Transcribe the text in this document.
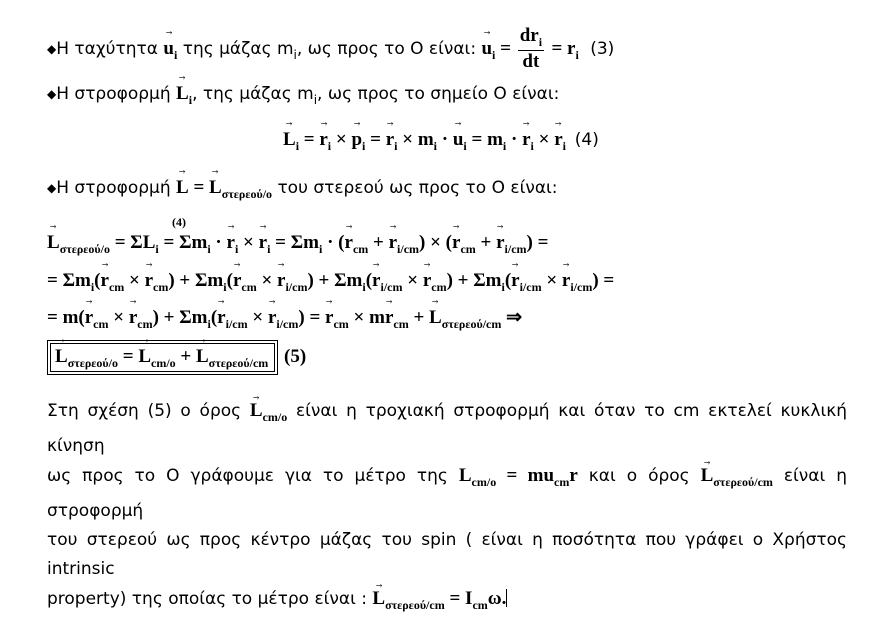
◆Η $\tau\alpha\chi ύ\tau\eta\tau\alpha \to u_i$ της μάζας $m_i$, ως προς το Ο είναι: → $u_i = \frac{dr_i}{dt} = r_i$ (3)
◆Η $\sigma\tau\rho o\varphi o\rho\mu ή \to L_i$, της μάζας $m_i$, ως προς το σημείο Ο είναι:
→ $L_i$ = → $r_i$ × → $p_i$ = → $r_i \times m_i$ · → $u_i = m_i$ · → $r_i$ × → $r_i$ (4)
◆Η στροφορμή → L = → $L_{\sigma\tau\varepsilon\rho\varepsilon oύ/o}$ του στερεού ως προς το Ο είναι:
→ $L_{\sigma\tau\varepsilon\rho\varepsilon oύ/o} = \Sigma L_i$
(4)
= $\Sigma m_i$ · → $r_i$ × → $r_i = \Sigma m_i$ · (→ $r_{cm}$ + → $r_{i/cm}$) × (→ $r_{cm}$ + → $r_{i/cm}$) =
= $\Sigma m_i(\to r_{cm}$ × → $r_{cm}) + \Sigma m_i(\to r_{cm}$ × → $r_{i/cm}) + \Sigma m_i(\to r_{i/cm}$ × → $r_{cm}) + \Sigma m_i(\to r_{i/cm}$ × → $r_{i/cm}$) =
= $m(\to r_{cm}$ × → $r_{cm}) + \Sigma m_i(\to r_{i/cm}$ × → $r_{i/cm}$) = → $r_{cm} \times m\to r_{cm}$ + → $L_{\sigma\tau\varepsilon\rho\varepsilon oύ/cm}$ ⇒
→ $L_{\sigma\tau\varepsilon\rho\varepsilon oύ/o}$ = → $L_{cm/o}$ + → $L_{\sigma\tau\varepsilon\rho\varepsilon oύ/cm}$ (5)
Στη σχέση (5) ο $ό\rho o\varsigma \to L_{cm/o}$ είναι η τροχιακή στροφορμή και όταν το cm εκτελεί κυκλική κίνηση
ως προς το Ο γράφουμε για το μέτρο της $L_{cm/o} = mu_{cm}r$ και ο $ό\rho o\varsigma \to L_{\sigma\tau\varepsilon\rho\varepsilon oύ/cm}$ είναι η στροφορμή
του στερεού ως προς κέντρο μάζας του spin ( είναι η ποσότητα που γράφει ο Χρήστος intrinsic
property) της οποίας το μέτρο είναι : → $L_{\sigma\tau\varepsilon\rho\varepsilon oύ/cm} = I_{cm}\omega$.
